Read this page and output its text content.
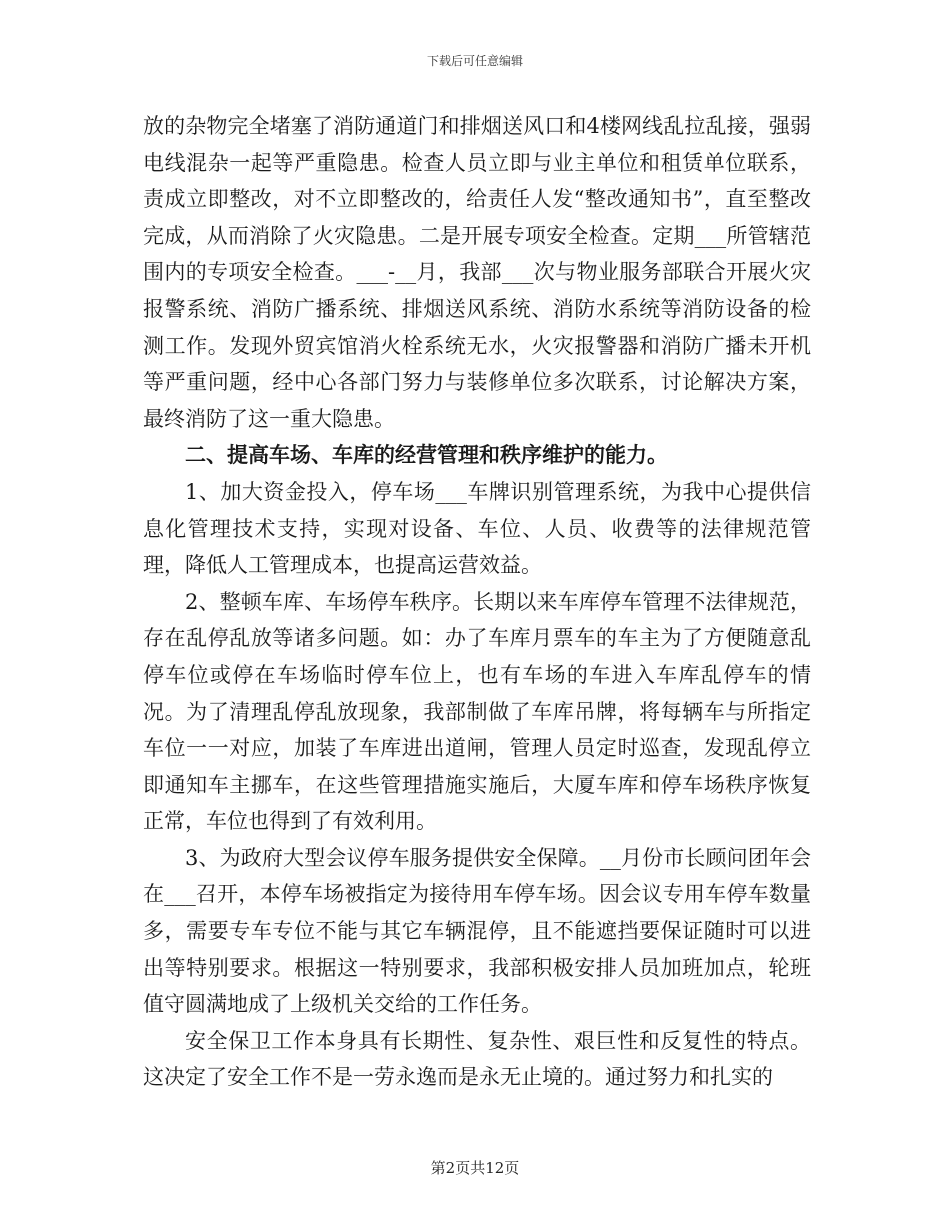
下载后可任意编辑

放的杂物完全堵塞了消防通道门和排烟送风口和4楼网线乱拉乱接，强弱电线混杂一起等严重隐患。检查人员立即与业主单位和租赁单位联系，责成立即整改，对不立即整改的，给责任人发“整改通知书”，直至整改完成，从而消除了火灾隐患。二是开展专项安全检查。定期___所管辖范围内的专项安全检查。___-__月，我部___次与物业服务部联合开展火灾报警系统、消防广播系统、排烟送风系统、消防水系统等消防设备的检测工作。发现外贸宾馆消火栓系统无水，火灾报警器和消防广播未开机等严重问题，经中心各部门努力与装修单位多次联系，讨论解决方案，最终消防了这一重大隐患。

二、提高车场、车库的经营管理和秩序维护的能力。

1、加大资金投入，停车场___车牌识别管理系统，为我中心提供信息化管理技术支持，实现对设备、车位、人员、收费等的法律规范管理，降低人工管理成本，也提高运营效益。

2、整顿车库、车场停车秩序。长期以来车库停车管理不法律规范，存在乱停乱放等诸多问题。如：办了车库月票车的车主为了方便随意乱停车位或停在车场临时停车位上，也有车场的车进入车库乱停车的情况。为了清理乱停乱放现象，我部制做了车库吊牌，将每辆车与所指定车位一一对应，加装了车库进出道闸，管理人员定时巡查，发现乱停立即通知车主挪车，在这些管理措施实施后，大厦车库和停车场秩序恢复正常，车位也得到了有效利用。

3、为政府大型会议停车服务提供安全保障。__月份市长顾问团年会在___召开，本停车场被指定为接待用车停车场。因会议专用车停车数量多，需要专车专位不能与其它车辆混停，且不能遮挡要保证随时可以进出等特别要求。根据这一特别要求，我部积极安排人员加班加点，轮班值守圆满地成了上级机关交给的工作任务。

安全保卫工作本身具有长期性、复杂性、艰巨性和反复性的特点。这决定了安全工作不是一劳永逸而是永无止境的。通过努力和扎实的

第2页共12页
